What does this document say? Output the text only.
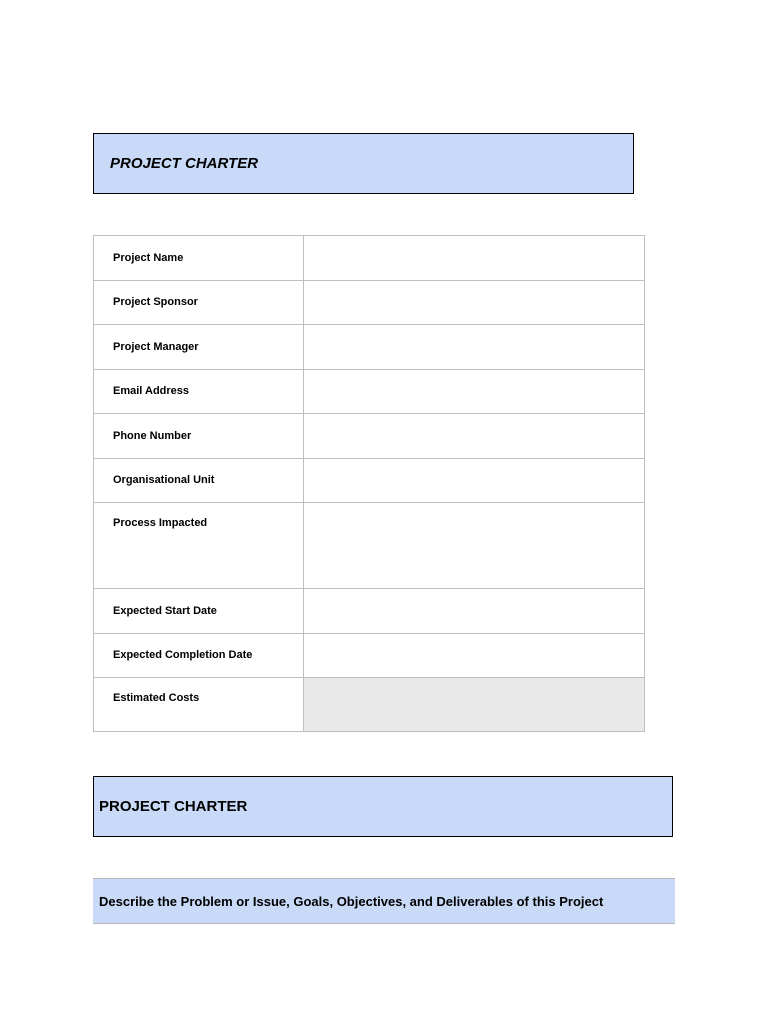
PROJECT CHARTER
Project Name	
Project Sponsor	
Project Manager	
Email Address	
Phone Number	
Organisational Unit	
Process Impacted	
Expected Start Date	
Expected Completion Date	
Estimated Costs	
PROJECT CHARTER
Describe the Problem or Issue, Goals, Objectives, and Deliverables of this Project
